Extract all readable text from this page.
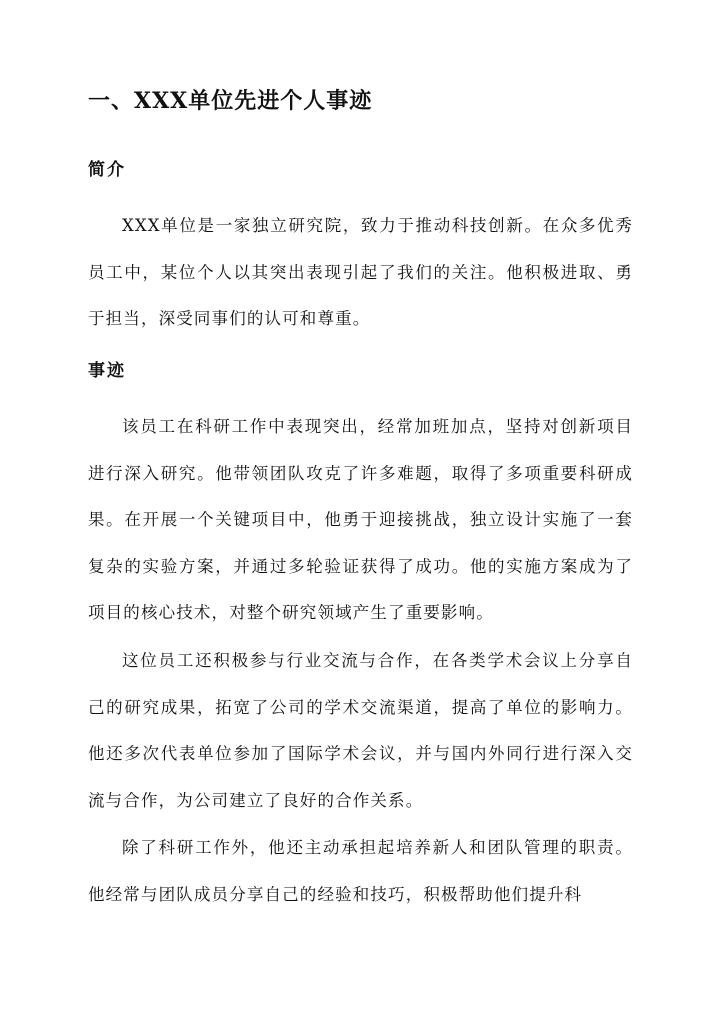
一、XXX单位先进个人事迹
简介

XXX单位是一家独立研究院，致力于推动科技创新。在众多优秀员工中，某位个人以其突出表现引起了我们的关注。他积极进取、勇于担当，深受同事们的认可和尊重。

事迹

该员工在科研工作中表现突出，经常加班加点，坚持对创新项目进行深入研究。他带领团队攻克了许多难题，取得了多项重要科研成果。在开展一个关键项目中，他勇于迎接挑战，独立设计实施了一套复杂的实验方案，并通过多轮验证获得了成功。他的实施方案成为了项目的核心技术，对整个研究领域产生了重要影响。

这位员工还积极参与行业交流与合作，在各类学术会议上分享自己的研究成果，拓宽了公司的学术交流渠道，提高了单位的影响力。他还多次代表单位参加了国际学术会议，并与国内外同行进行深入交流与合作，为公司建立了良好的合作关系。

除了科研工作外，他还主动承担起培养新人和团队管理的职责。他经常与团队成员分享自己的经验和技巧，积极帮助他们提升科
